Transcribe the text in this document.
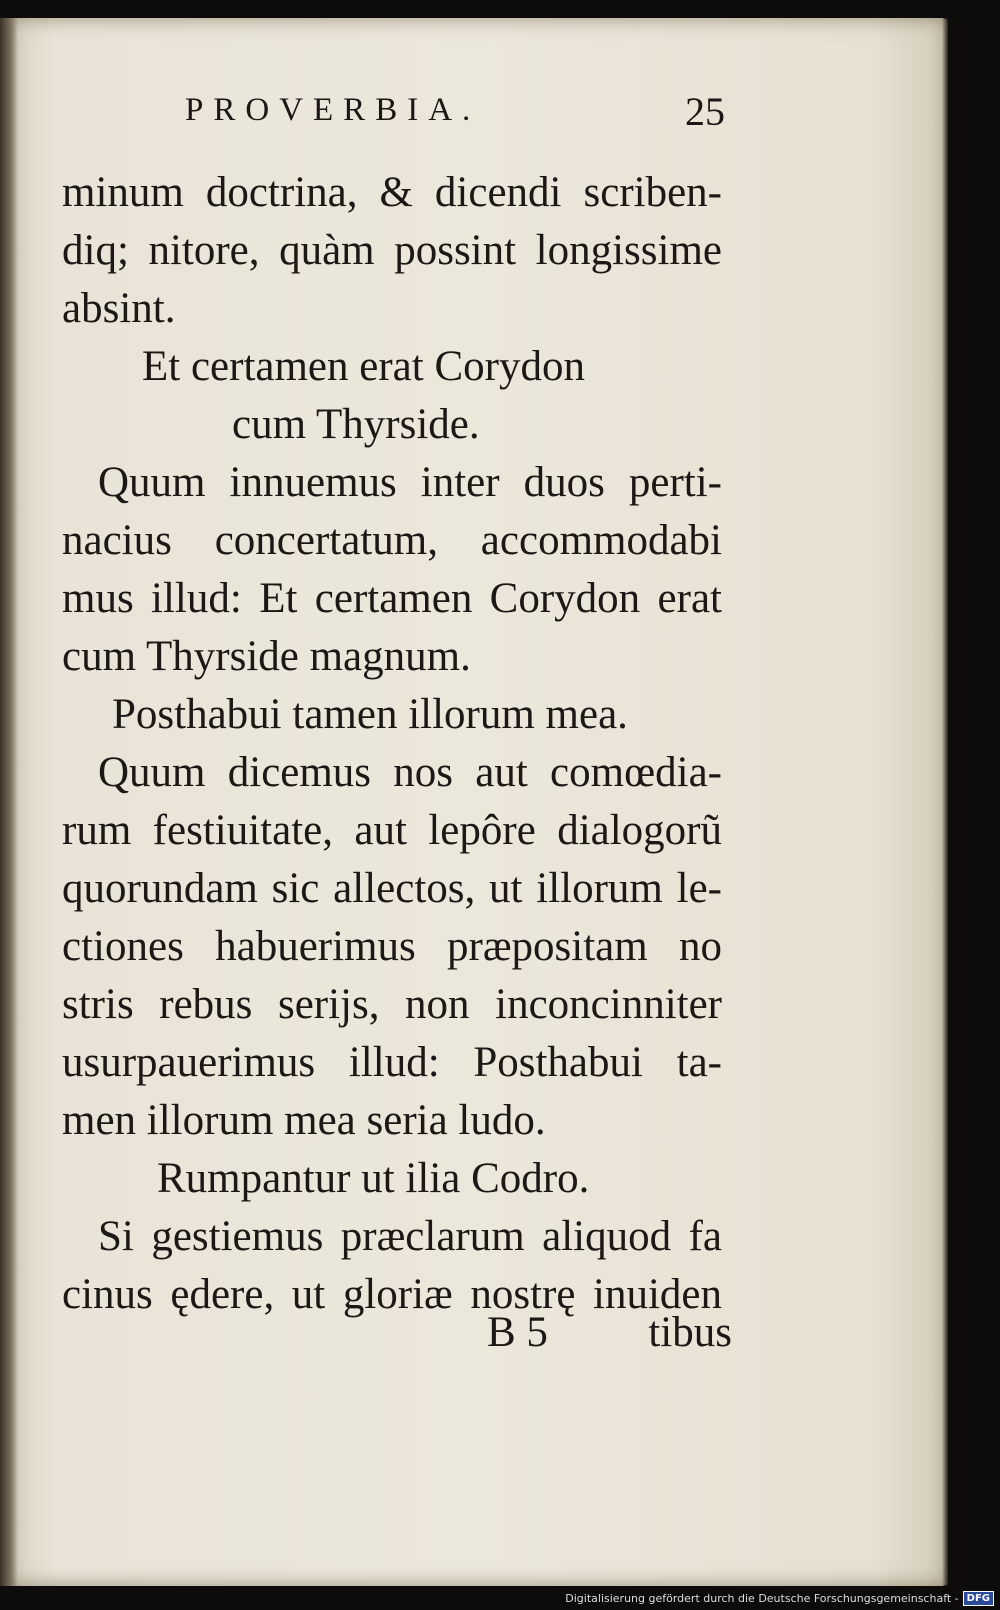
PROVERBIA.	25
minum doctrina, & dicendi scriben-
diq; nitore, quàm possint longissime
absint.
Et certamen erat Corydon
cum Thyrside.
Quum innuemus inter duos perti-
nacius concertatum, accommodabi
mus illud: Et certamen Corydon erat
cum Thyrside magnum.
Posthabui tamen illorum mea.
Quum dicemus nos aut comœdia-
rum festiuitate, aut lepôre dialogorũ
quorundam sic allectos, ut illorum le-
ctiones habuerimus præpositam no
stris rebus serijs, non inconcinniter
usurpauerimus illud: Posthabui ta-
men illorum mea seria ludo.
Rumpantur ut ilia Codro.
Si gestiemus præclarum aliquod fa
cinus ędere, ut gloriæ nostrę inuiden
B 5 tibus
Digitalisierung gefördert durch die Deutsche Forschungsgemeinschaft - DFG
